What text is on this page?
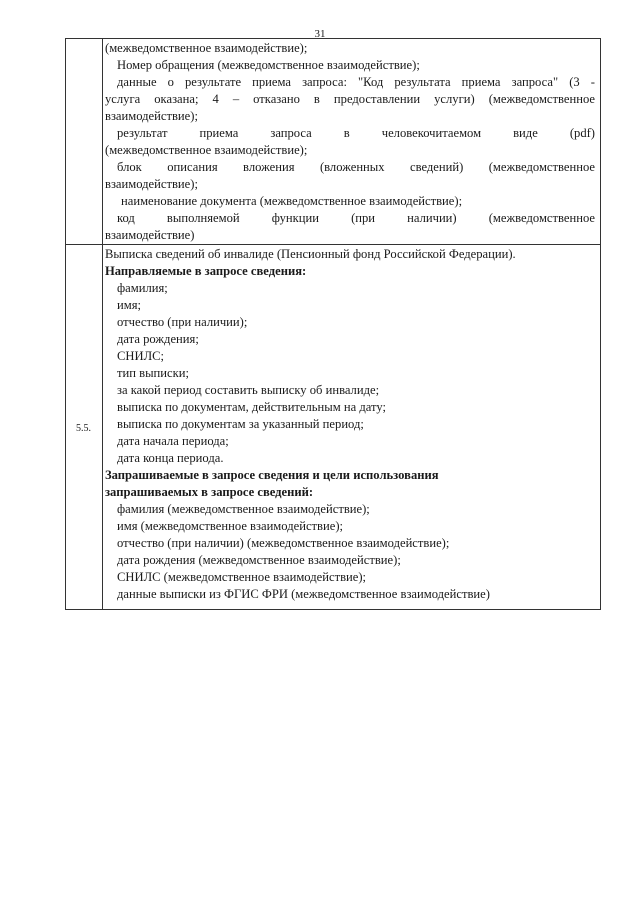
31

(межведомственное взаимодействие);

Номер обращения (межведомственное взаимодействие);

данные о результате приема запроса: "Код результата приема запроса" (3 -

услуга оказана; 4 – отказано в предоставлении услуги) (межведомственное

взаимодействие);

результат приема запроса в человекочитаемом виде (pdf)

(межведомственное взаимодействие);

блок описания вложения (вложенных сведений) (межведомственное

взаимодействие);

наименование документа (межведомственное взаимодействие);

код выполняемой функции (при наличии) (межведомственное

взаимодействие)

5.5.

Выписка сведений об инвалиде (Пенсионный фонд Российской Федерации).

Направляемые в запросе сведения:

фамилия;

имя;

отчество (при наличии);

дата рождения;

СНИЛС;

тип выписки;

за какой период составить выписку об инвалиде;

выписка по документам, действительным на дату;

выписка по документам за указанный период;

дата начала периода;

дата конца периода.

Запрашиваемые в запросе сведения и цели использования

запрашиваемых в запросе сведений:

фамилия (межведомственное взаимодействие);

имя (межведомственное взаимодействие);

отчество (при наличии) (межведомственное взаимодействие);

дата рождения (межведомственное взаимодействие);

СНИЛС (межведомственное взаимодействие);

данные выписки из ФГИС ФРИ (межведомственное взаимодействие)
